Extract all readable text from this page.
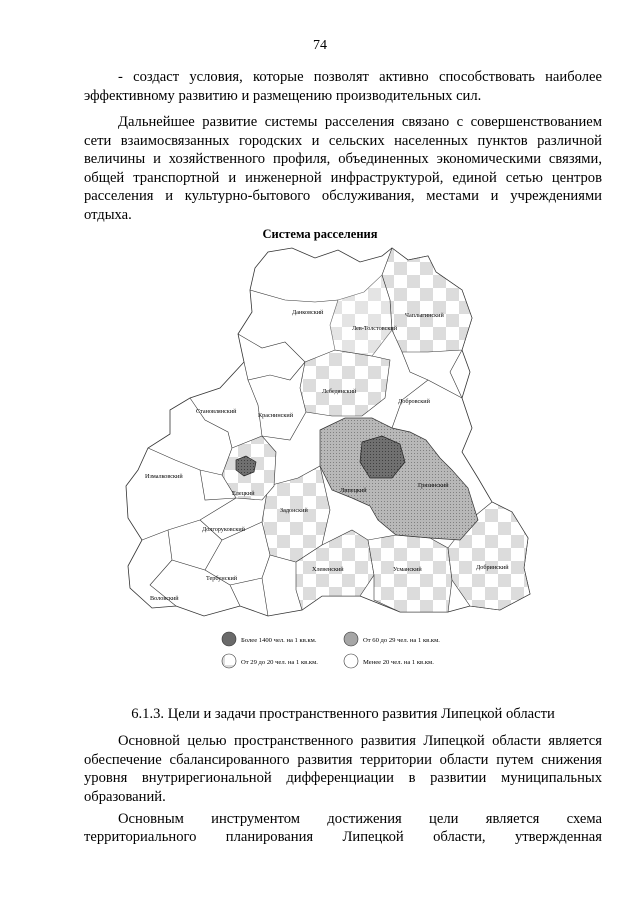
74

- создаст условия, которые позволят активно способствовать наиболее эффективному развитию и размещению производительных сил.

Дальнейшее развитие системы расселения связано с совершенствованием сети взаимосвязанных городских и сельских населенных пунктов различной величины и хозяйственного профиля, объединенных экономическими связями, общей транспортной и инженерной инфраструктурой, единой сетью центров расселения и культурно-бытового обслуживания, местами и учреждениями отдыха.

Система расселения
Данковский
Лев-Толстовский
Чаплыгинский
Лебедянский
Добровский
Становлянский
Краснинский
Измалковский
Елецкий	Липецкий
Грязинский
Долгоруковский
Задонский
Хлевенский	Усманский	Добринский
Тербунский
Воловский
Более 1400 чел. на 1 кв.км.	От 60 до 29 чел. на 1 кв.км.
От 29 до 20 чел. на 1 кв.км.	Менее 20 чел. на 1 кв.км.
6.1.3. Цели и задачи пространственного развития Липецкой области

Основной целью пространственного развития Липецкой области является обеспечение сбалансированного развития территории области путем снижения уровня внутрирегиональной дифференциации в развитии муниципальных образований.

Основным инструментом достижения цели является схема

территориального планирования Липецкой области, утвержденная
